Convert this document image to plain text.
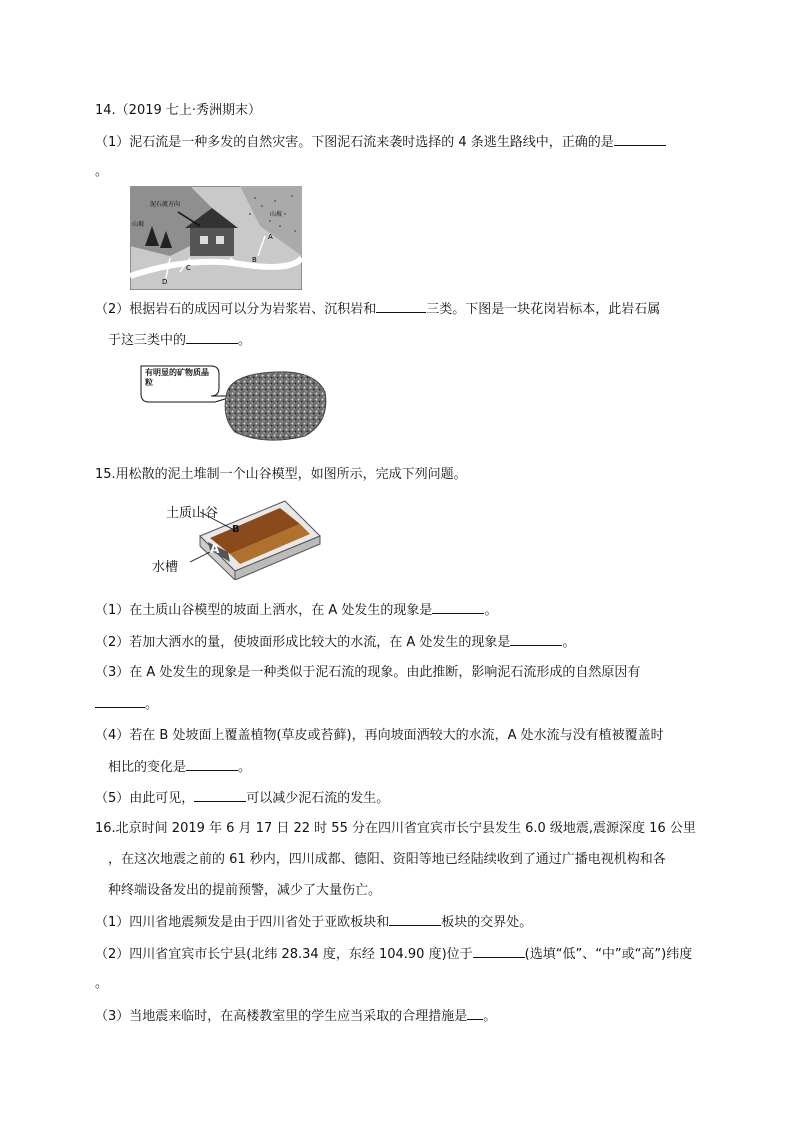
14.（2019 七上·秀洲期末）
（1）泥石流是一种多发的自然灾害。下图泥石流来袭时选择的 4 条逃生路线中，正确的是
。
泥石流方向
山坡
山坡
A
B
C
D
（2）根据岩石的成因可以分为岩浆岩、沉积岩和	三类。下图是一块花岗岩标本，此岩石属
于这三类中的	。
有明显的矿物质晶粒
15.用松散的泥土堆制一个山谷模型，如图所示，完成下列问题。
土质山谷
水槽
A
B
（1）在土质山谷模型的坡面上洒水，在 A 处发生的现象是	。
（2）若加大洒水的量，使坡面形成比较大的水流，在 A 处发生的现象是	。
（3）在 A 处发生的现象是一种类似于泥石流的现象。由此推断，影响泥石流形成的自然原因有
。
（4）若在 B 处坡面上覆盖植物(草皮或苔藓)，再向坡面洒较大的水流，A 处水流与没有植被覆盖时
相比的变化是	。
（5）由此可见，	可以减少泥石流的发生。
16.北京时间 2019 年 6 月 17 日 22 时 55 分在四川省宜宾市长宁县发生 6.0 级地震,震源深度 16 公里
，在这次地震之前的 61 秒内，四川成都、德阳、资阳等地已经陆续收到了通过广播电视机构和各
种终端设备发出的提前预警，减少了大量伤亡。
（1）四川省地震频发是由于四川省处于亚欧板块和	板块的交界处。
（2）四川省宜宾市长宁县(北纬 28.34 度，东经 104.90 度)位于	(选填“低”、“中”或“高”)纬度
。
（3）当地震来临时，在高楼教室里的学生应当采取的合理措施是 。
